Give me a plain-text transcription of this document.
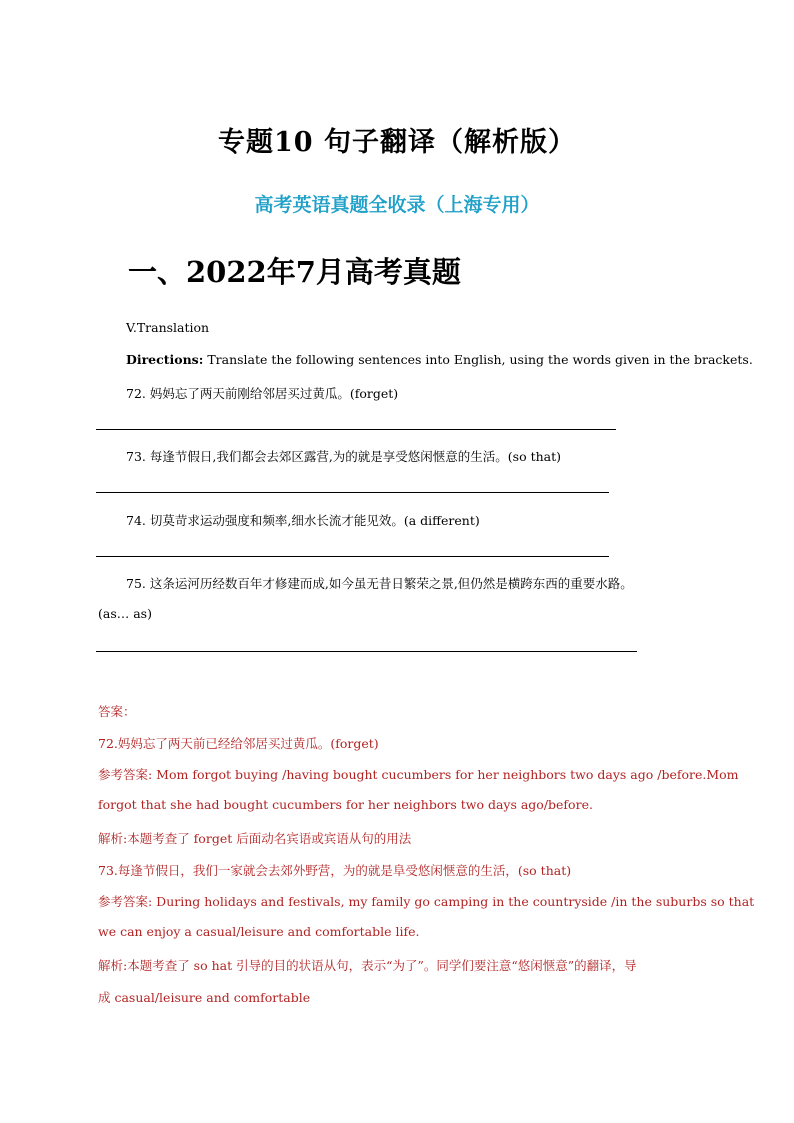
专题10 句子翻译（解析版）
高考英语真题全收录（上海专用）
一、2022年7月高考真题
V.Translation
Directions: Translate the following sentences into English, using the words given in the brackets.
72. 妈妈忘了两天前刚给邻居买过黄瓜。(forget)
73. 每逢节假日,我们都会去郊区露营,为的就是享受悠闲惬意的生活。(so that)
74. 切莫苛求运动强度和频率,细水长流才能见效。(a different)
75. 这条运河历经数百年才修建而成,如今虽无昔日繁荣之景,但仍然是横跨东西的重要水路。
(as… as)
答案：
72.妈妈忘了两天前已经给邻居买过黄瓜。(forget)
参考答案: Mom forgot buying /having bought cucumbers for her neighbors two days ago /before.Mom
forgot that she had bought cucumbers for her neighbors two days ago/before.
解析:本题考查了 forget 后面动名宾语或宾语从句的用法
73.每逢节假日，我们一家就会去郊外野营，为的就是阜受悠闲惬意的生活，(so that)
参考答案: During holidays and festivals, my family go camping in the countryside /in the suburbs so that
we can enjoy a casual/leisure and comfortable life.
解析:本题考查了 so hat 引导的目的状语从句，表示“为了”。同学们要注意“悠闲惬意”的翻译，导
成 casual/leisure and comfortable
